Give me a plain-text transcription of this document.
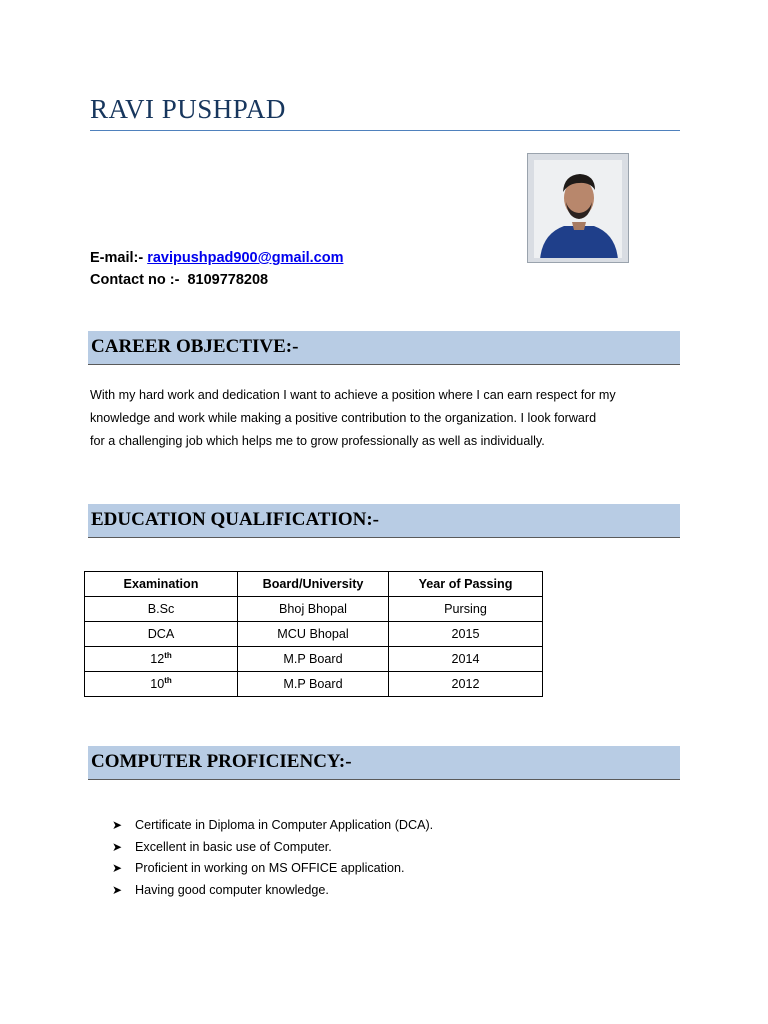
RAVI PUSHPAD
E-mail:- ravipushpad900@gmail.com
Contact no :- 8109778208
CAREER OBJECTIVE:-
With my hard work and dedication I want to achieve a position where I can earn respect for my
knowledge and work while making a positive contribution to the organization. I look forward
for a challenging job which helps me to grow professionally as well as individually.
EDUCATION QUALIFICATION:-
Examination	Board/University	Year of Passing
B.Sc	Bhoj Bhopal	Pursing
DCA	MCU Bhopal	2015
12th	M.P Board	2014
10th	M.P Board	2012
COMPUTER PROFICIENCY:-
➤ Certificate in Diploma in Computer Application (DCA).
➤ Excellent in basic use of Computer.
➤ Proficient in working on MS OFFICE application.
➤ Having good computer knowledge.
